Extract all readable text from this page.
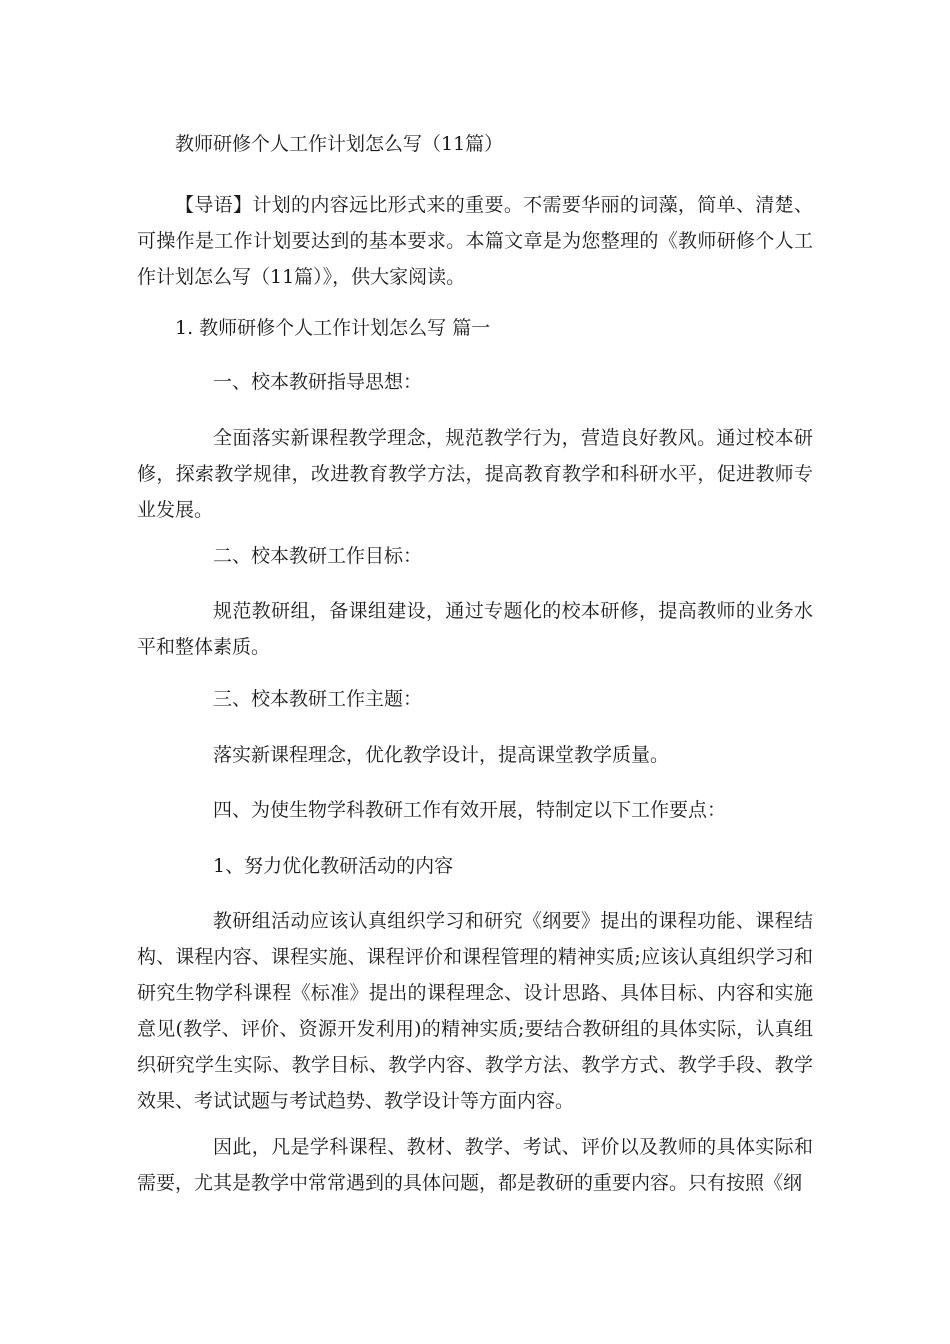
教师研修个人工作计划怎么写（11篇）

【导语】计划的内容远比形式来的重要。不需要华丽的词藻，简单、清楚、可操作是工作计划要达到的基本要求。本篇文章是为您整理的《教师研修个人工作计划怎么写（11篇）》，供大家阅读。

1. 教师研修个人工作计划怎么写 篇一

一、校本教研指导思想：

全面落实新课程教学理念，规范教学行为，营造良好教风。通过校本研修，探索教学规律，改进教育教学方法，提高教育教学和科研水平，促进教师专业发展。

二、校本教研工作目标：

规范教研组，备课组建设，通过专题化的校本研修，提高教师的业务水平和整体素质。

三、校本教研工作主题：

落实新课程理念，优化教学设计，提高课堂教学质量。

四、为使生物学科教研工作有效开展，特制定以下工作要点：

1、努力优化教研活动的内容

教研组活动应该认真组织学习和研究《纲要》提出的课程功能、课程结构、课程内容、课程实施、课程评价和课程管理的精神实质;应该认真组织学习和研究生物学科课程《标准》提出的课程理念、设计思路、具体目标、内容和实施意见(教学、评价、资源开发利用)的精神实质;要结合教研组的具体实际，认真组织研究学生实际、教学目标、教学内容、教学方法、教学方式、教学手段、教学效果、考试试题与考试趋势、教学设计等方面内容。

因此，凡是学科课程、教材、教学、考试、评价以及教师的具体实际和需要，尤其是教学中常常遇到的具体问题，都是教研的重要内容。只有按照《纲
